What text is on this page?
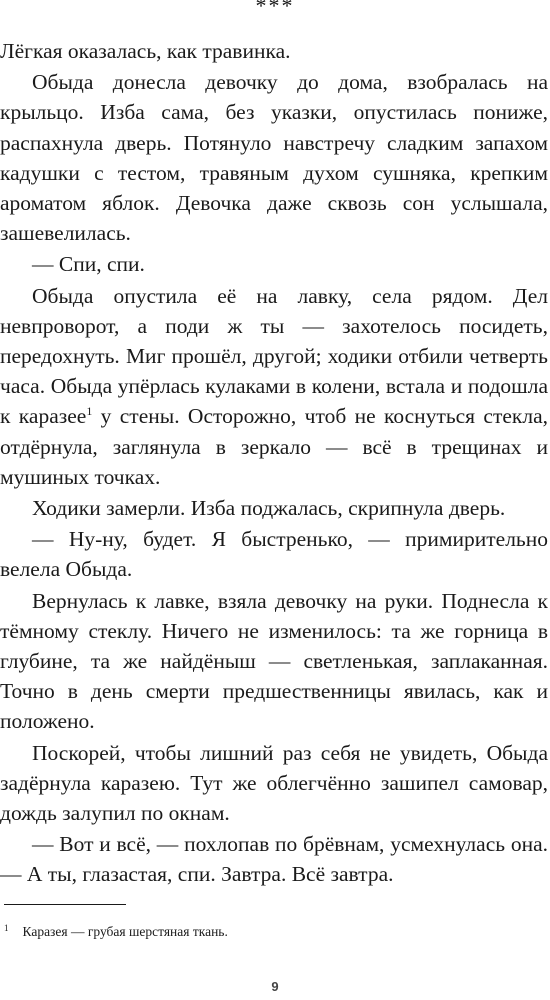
***

Лёгкая оказалась, как травинка.

Обыда донесла девочку до дома, взобралась на крыльцо. Изба сама, без указки, опустилась пониже, распахнула дверь. Потянуло навстречу сладким запахом кадушки с тестом, травяным духом сушняка, крепким ароматом яблок. Девочка даже сквозь сон услышала, зашевелилась.

— Спи, спи.

Обыда опустила её на лавку, села рядом. Дел невпроворот, а поди ж ты — захотелось посидеть, передохнуть. Миг прошёл, другой; ходики отбили четверть часа. Обыда упёрлась кулаками в колени, встала и подошла к каразее$^1$ у стены. Осторожно, чтоб не коснуться стекла, отдёрнула, заглянула в зеркало — всё в трещинах и мушиных точках.

Ходики замерли. Изба поджалась, скрипнула дверь.

— Ну-ну, будет. Я быстренько, — примирительно велела Обыда.

Вернулась к лавке, взяла девочку на руки. Поднесла к тёмному стеклу. Ничего не изменилось: та же горница в глубине, та же найдёныш — светленькая, заплаканная. Точно в день смерти предшественницы явилась, как и положено.

Поскорей, чтобы лишний раз себя не увидеть, Обыда задёрнула каразею. Тут же облегчённо зашипел самовар, дождь залупил по окнам.

— Вот и всё, — похлопав по брёвнам, усмехнулась она. — А ты, глазастая, спи. Завтра. Всё завтра.

$^1$ Каразея — грубая шерстяная ткань.
9
